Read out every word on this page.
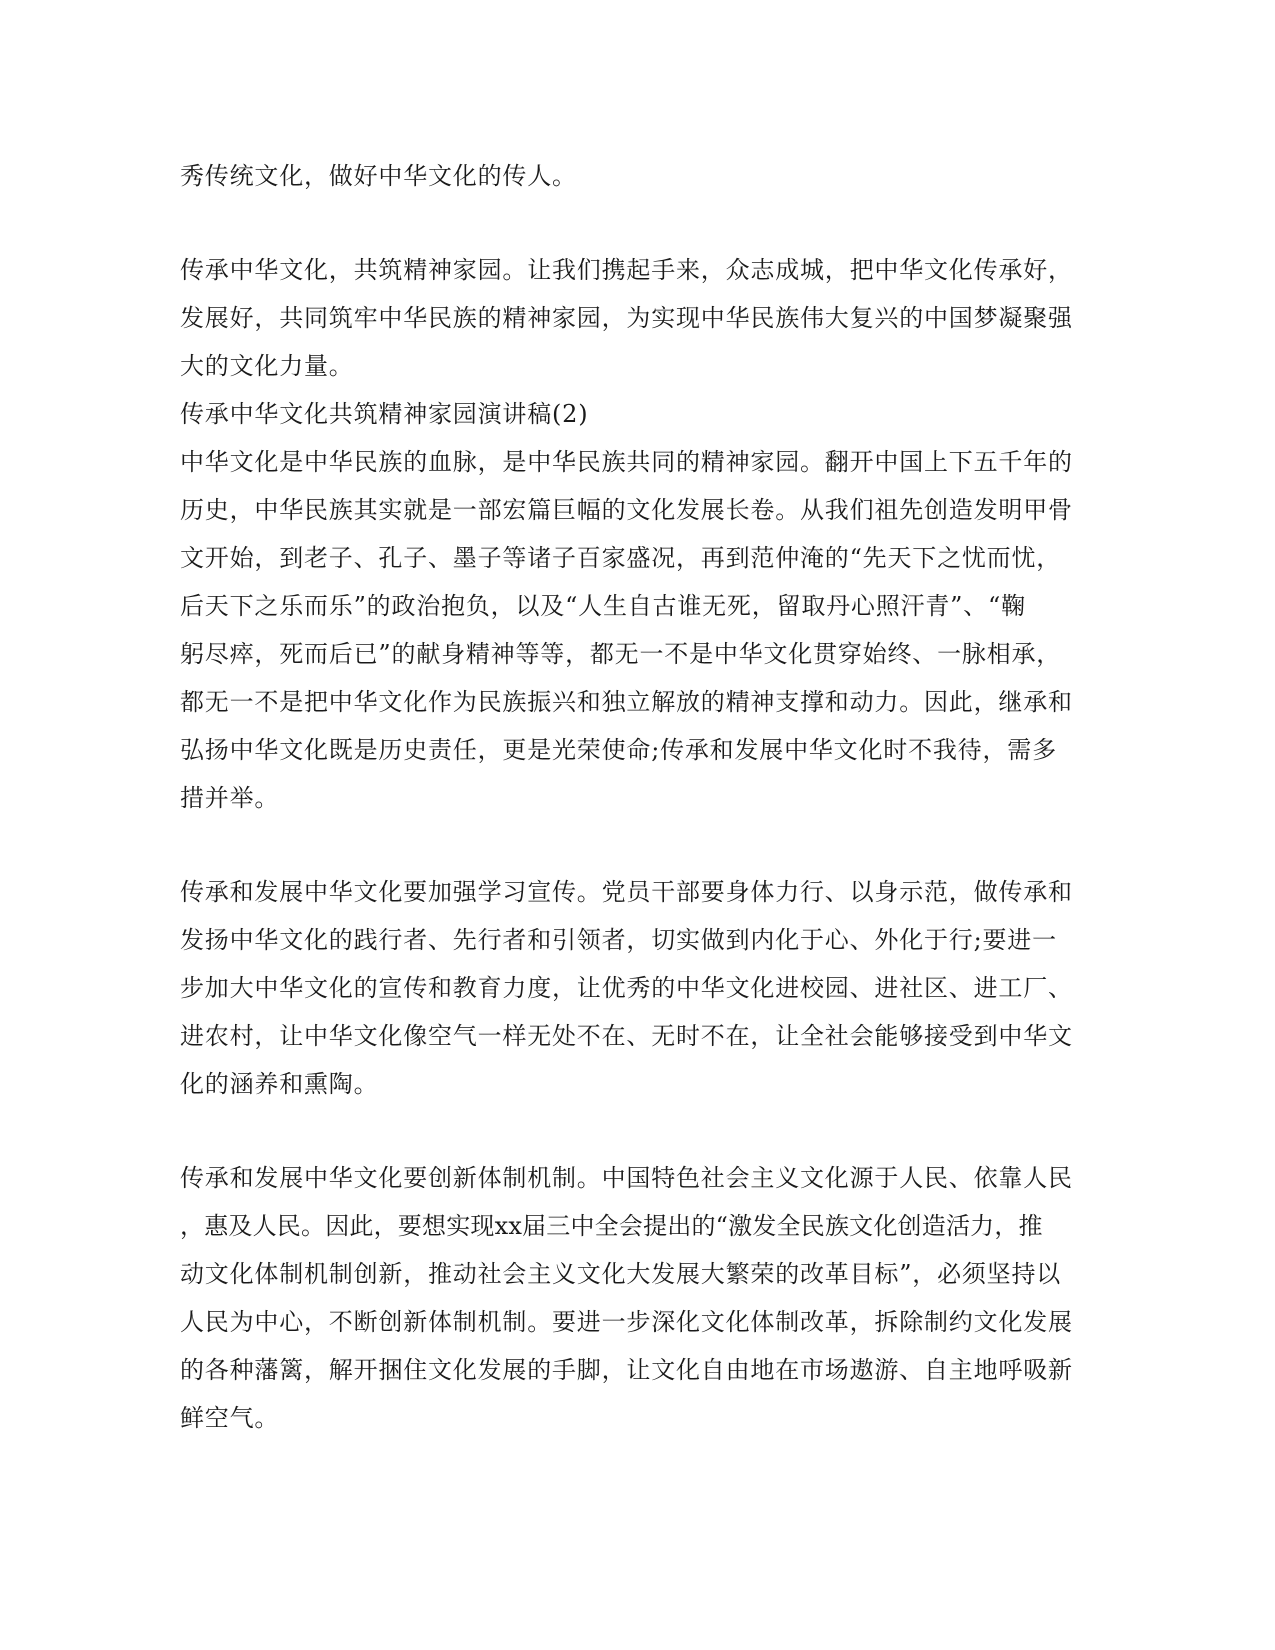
秀传统文化，做好中华文化的传人。
传承中华文化，共筑精神家园。让我们携起手来，众志成城，把中华文化传承好，
发展好，共同筑牢中华民族的精神家园，为实现中华民族伟大复兴的中国梦凝聚强
大的文化力量。
传承中华文化共筑精神家园演讲稿(2)
中华文化是中华民族的血脉，是中华民族共同的精神家园。翻开中国上下五千年的
历史，中华民族其实就是一部宏篇巨幅的文化发展长卷。从我们祖先创造发明甲骨
文开始，到老子、孔子、墨子等诸子百家盛况，再到范仲淹的“先天下之忧而忧，
后天下之乐而乐”的政治抱负，以及“人生自古谁无死，留取丹心照汗青”、“鞠
躬尽瘁，死而后已”的献身精神等等，都无一不是中华文化贯穿始终、一脉相承，
都无一不是把中华文化作为民族振兴和独立解放的精神支撑和动力。因此，继承和
弘扬中华文化既是历史责任，更是光荣使命;传承和发展中华文化时不我待，需多
措并举。
传承和发展中华文化要加强学习宣传。党员干部要身体力行、以身示范，做传承和
发扬中华文化的践行者、先行者和引领者，切实做到内化于心、外化于行;要进一
步加大中华文化的宣传和教育力度，让优秀的中华文化进校园、进社区、进工厂、
进农村，让中华文化像空气一样无处不在、无时不在，让全社会能够接受到中华文
化的涵养和熏陶。
传承和发展中华文化要创新体制机制。中国特色社会主义文化源于人民、依靠人民
，惠及人民。因此，要想实现xx届三中全会提出的“激发全民族文化创造活力，推
动文化体制机制创新，推动社会主义文化大发展大繁荣的改革目标”，必须坚持以
人民为中心，不断创新体制机制。要进一步深化文化体制改革，拆除制约文化发展
的各种藩篱，解开捆住文化发展的手脚，让文化自由地在市场遨游、自主地呼吸新
鲜空气。
